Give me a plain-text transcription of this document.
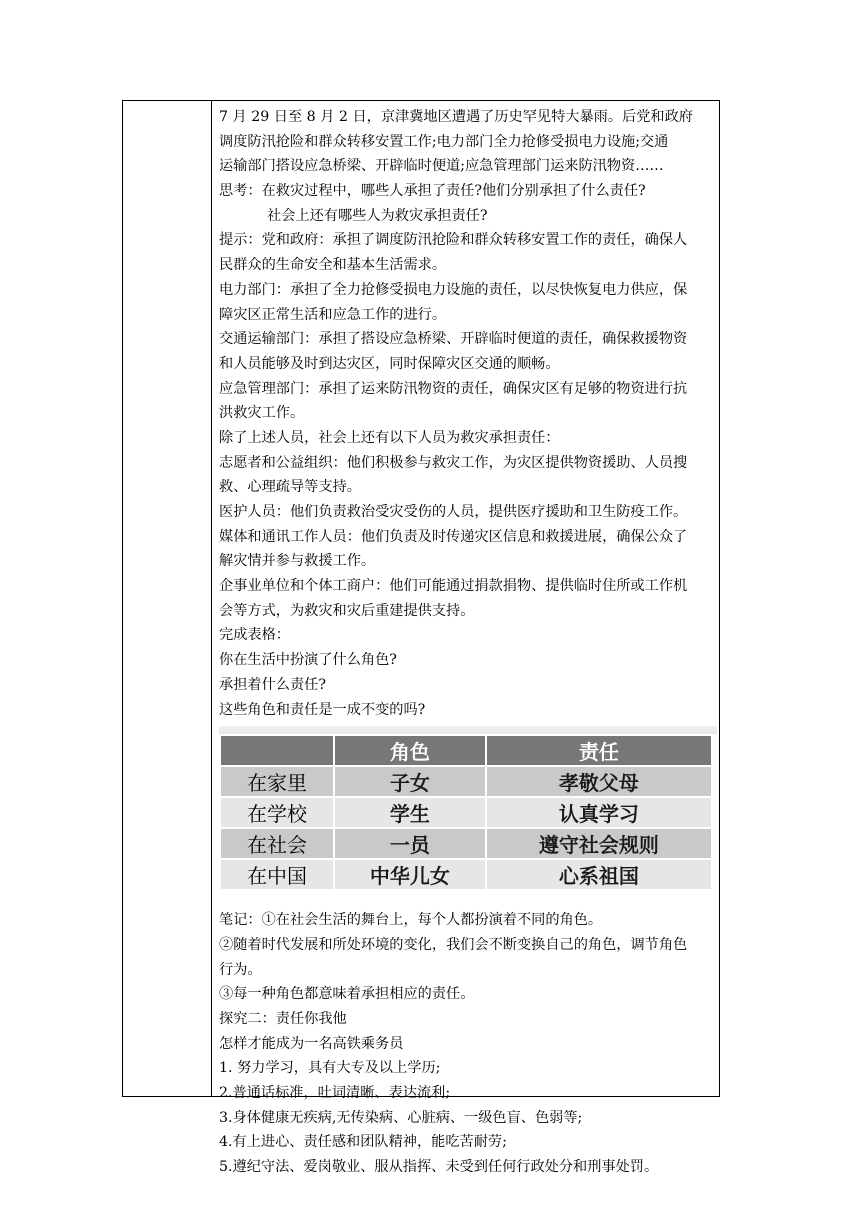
7 月 29 日至 8 月 2 日，京津冀地区遭遇了历史罕见特大暴雨。后党和政府
调度防汛抢险和群众转移安置工作;电力部门全力抢修受损电力设施;交通
运输部门搭设应急桥梁、开辟临时便道;应急管理部门运来防汛物资……
思考：在救灾过程中，哪些人承担了责任?他们分别承担了什么责任?
社会上还有哪些人为救灾承担责任?
提示：党和政府：承担了调度防汛抢险和群众转移安置工作的责任，确保人
民群众的生命安全和基本生活需求。
电力部门：承担了全力抢修受损电力设施的责任，以尽快恢复电力供应，保
障灾区正常生活和应急工作的进行。
交通运输部门：承担了搭设应急桥梁、开辟临时便道的责任，确保救援物资
和人员能够及时到达灾区，同时保障灾区交通的顺畅。
应急管理部门：承担了运来防汛物资的责任，确保灾区有足够的物资进行抗
洪救灾工作。
除了上述人员，社会上还有以下人员为救灾承担责任：
志愿者和公益组织：他们积极参与救灾工作，为灾区提供物资援助、人员搜
救、心理疏导等支持。
医护人员：他们负责救治受灾受伤的人员，提供医疗援助和卫生防疫工作。
媒体和通讯工作人员：他们负责及时传递灾区信息和救援进展，确保公众了
解灾情并参与救援工作。
企事业单位和个体工商户：他们可能通过捐款捐物、提供临时住所或工作机
会等方式，为救灾和灾后重建提供支持。
完成表格：
你在生活中扮演了什么角色?
承担着什么责任?
这些角色和责任是一成不变的吗?
	角色	责任
在家里	子女	孝敬父母
在学校	学生	认真学习
在社会	一员	遵守社会规则
在中国	中华儿女	心系祖国
笔记：①在社会生活的舞台上，每个人都扮演着不同的角色。
②随着时代发展和所处环境的变化，我们会不断变换自己的角色，调节角色
行为。
③每一种角色都意味着承担相应的责任。
探究二：责任你我他
怎样才能成为一名高铁乘务员
1. 努力学习，具有大专及以上学历;
2.普通话标准，吐词清晰、表达流利;
3.身体健康无疾病,无传染病、心脏病、一级色盲、色弱等;
4.有上进心、责任感和团队精神，能吃苦耐劳;
5.遵纪守法、爱岗敬业、服从指挥、未受到任何行政处分和刑事处罚。
